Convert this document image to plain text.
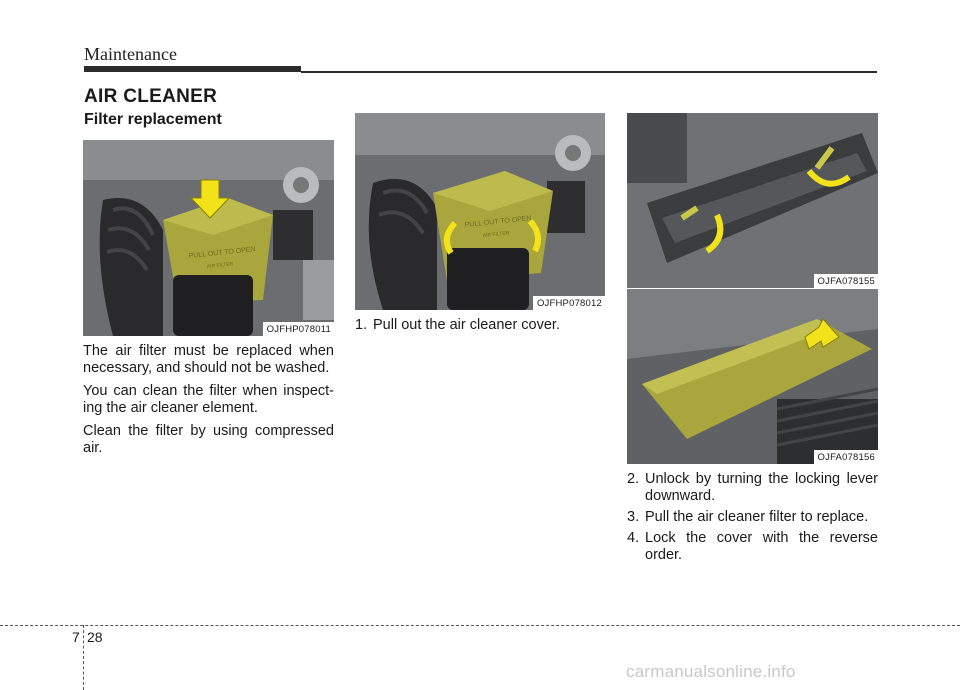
Maintenance
AIR CLEANER
Filter replacement
PULL OUT TO OPEN
AIR FILTER
OJFHP078011
PULL OUT TO OPEN
AIR FILTER
OJFHP078012
OJFA078155
OJFA078156

The air filter must be replaced when necessary, and should not be washed.

You can clean the filter when inspect-ing the air cleaner element.

Clean the filter by using compressed air.

1. Pull out the air cleaner cover.
2. Unlock by turning the locking lever downward.
3. Pull the air cleaner filter to replace.
4. Lock the cover with the reverse order.
7 28
carmanualsonline.info
